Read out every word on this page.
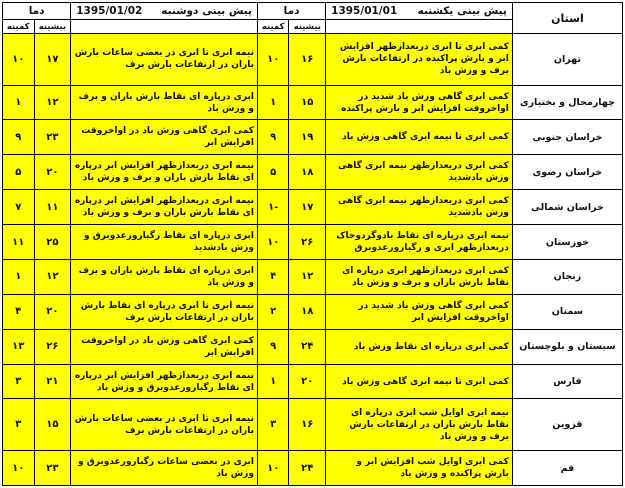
استان	پیش بینی یکشنبه
1395/01/01	دما		پیش بینی دوشنبه
1395/01/02	دما	
		بیشینه	کمینه		بیشینه	کمینه
تهران	کمی ابری تا ابری دربعدازظهر افزایش ابر و بارش پراکنده در ارتفاعات بارش برف و وزش باد	۱۶	۱۰	نیمه ابری تا ابری در بعضی ساعات بارش باران در ارتفاعات بارش برف	۱۷	۱۰
چهارمحال و بختیاری	کمی ابری گاهی وزش باد شدید در اواخروقت افزایش ابر و بارش پراکنده	۱۵	۱	ابری درپاره ای نقاط بارش باران و برف و وزش باد	۱۲	۱
خراسان جنوبی	کمی ابری تا نیمه ابری گاهی وزش باد	۱۹	۹	کمی ابری گاهی وزش باد در اواخروقت افزایش ابر	۲۳	۹
خراسان رضوی	کمی ابری دربعدازظهر نیمه ابری گاهی وزش بادشدید	۱۸	۵	نیمه ابری دربعدازظهر افزایش ابر درپاره ای نقاط بارش باران و برف و وزش باد	۲۰	۵
خراسان شمالی	کمی ابری دربعدازظهر نیمه ابری گاهی وزش بادشدید	۱۷	-۱	نیمه ابری دربعدازظهر افزایش ابر درپاره ای نقاط بارش باران و برف و وزش باد	۱۱	۷
خوزستان	نیمه ابری درپاره ای نقاط بادوگردوخاک دربعدازظهر ابری و رگبارورعدوبرق	۲۶	۱۰	ابری درپاره ای نقاط رگبارورعدوبرق و وزش بادشدید	۲۵	۱۱
زنجان	کمی ابری دربعدازظهر ابری درپاره ای نقاط بارش باران و برف و وزش باد	۱۲	۴	ابری درپاره ای نقاط بارش باران و برف و وزش باد	۱۲	۱
سمنان	کمی ابری گاهی وزش باد شدید در اواخروقت افزایش ابر	۱۸	۲	نیمه ابری تا ابری درپاره ای نقاط بارش باران در ارتفاعات بارش برف	۲۰	۴
سیستان و بلوچستان	کمی ابری درپاره ای نقاط وزش باد	۲۴	۹	کمی ابری گاهی وزش باد در اواخروقت افزایش ابر	۲۶	۱۳
فارس	کمی ابری تا نیمه ابری گاهی وزش باد	۲۰	۱	نیمه ابری دربعدازظهر افزایش ابر درپاره ای نقاط رگبارورعدوبرق و وزش باد	۲۱	۳
قزوین	نیمه ابری اوایل شب ابری درپاره ای نقاط بارش باران در ارتفاعات بارش برف و وزش باد	۱۶	۳	نیمه ابری تا ابری در بعضی ساعات بارش باران در ارتفاعات بارش برف	۱۵	۳
قم	کمی ابری اوایل شب افزایش ابر و بارش پراکنده و وزش باد	۲۴	۱۰	ابری در بعضی ساعات رگبارورعدوبرق و وزش باد	۲۳	۱۰
